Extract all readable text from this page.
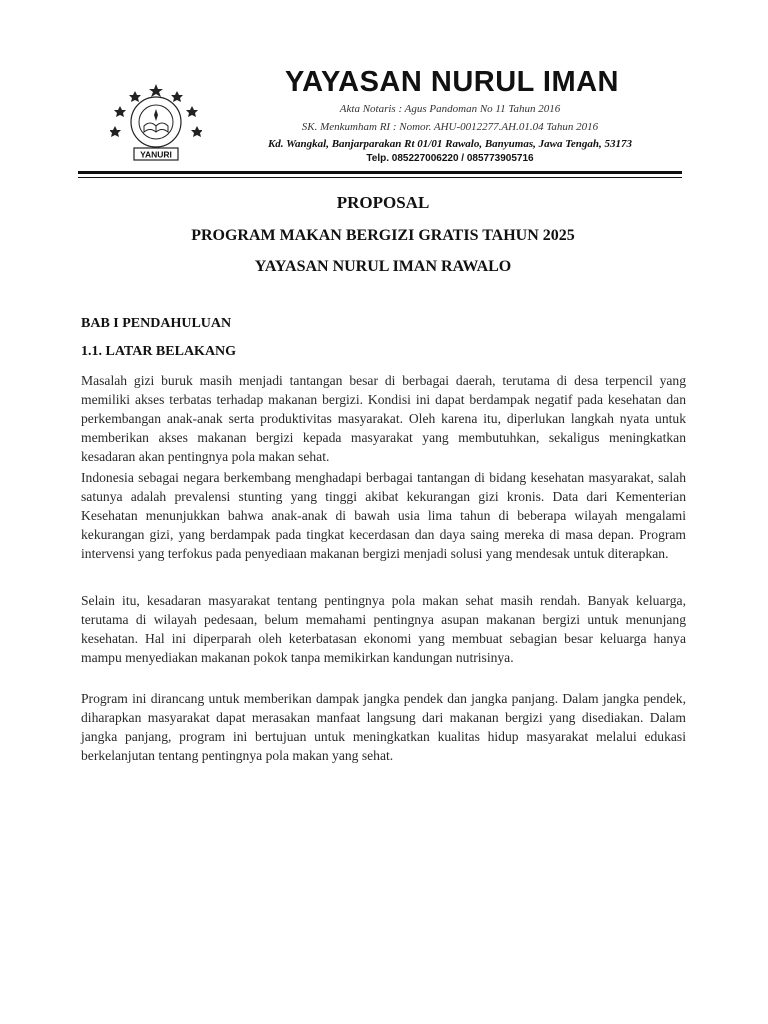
YANURI
YAYASAN NURUL IMAN
Akta Notaris : Agus Pandoman No 11 Tahun 2016
SK. Menkumham RI : Nomor. AHU-0012277.AH.01.04 Tahun 2016
Kd. Wangkal, Banjarparakan Rt 01/01 Rawalo, Banyumas, Jawa Tengah, 53173
Telp. 085227006220 / 085773905716
PROPOSAL
PROGRAM MAKAN BERGIZI GRATIS TAHUN 2025
YAYASAN NURUL IMAN RAWALO
BAB I PENDAHULUAN
1.1. LATAR BELAKANG

Masalah gizi buruk masih menjadi tantangan besar di berbagai daerah, terutama di desa terpencil yang memiliki akses terbatas terhadap makanan bergizi. Kondisi ini dapat berdampak negatif pada kesehatan dan perkembangan anak-anak serta produktivitas masyarakat. Oleh karena itu, diperlukan langkah nyata untuk memberikan akses makanan bergizi kepada masyarakat yang membutuhkan, sekaligus meningkatkan kesadaran akan pentingnya pola makan sehat.

Indonesia sebagai negara berkembang menghadapi berbagai tantangan di bidang kesehatan masyarakat, salah satunya adalah prevalensi stunting yang tinggi akibat kekurangan gizi kronis. Data dari Kementerian Kesehatan menunjukkan bahwa anak-anak di bawah usia lima tahun di beberapa wilayah mengalami kekurangan gizi, yang berdampak pada tingkat kecerdasan dan daya saing mereka di masa depan. Program intervensi yang terfokus pada penyediaan makanan bergizi menjadi solusi yang mendesak untuk diterapkan.

Selain itu, kesadaran masyarakat tentang pentingnya pola makan sehat masih rendah. Banyak keluarga, terutama di wilayah pedesaan, belum memahami pentingnya asupan makanan bergizi untuk menunjang kesehatan. Hal ini diperparah oleh keterbatasan ekonomi yang membuat sebagian besar keluarga hanya mampu menyediakan makanan pokok tanpa memikirkan kandungan nutrisinya.

Program ini dirancang untuk memberikan dampak jangka pendek dan jangka panjang. Dalam jangka pendek, diharapkan masyarakat dapat merasakan manfaat langsung dari makanan bergizi yang disediakan. Dalam jangka panjang, program ini bertujuan untuk meningkatkan kualitas hidup masyarakat melalui edukasi berkelanjutan tentang pentingnya pola makan yang sehat.
